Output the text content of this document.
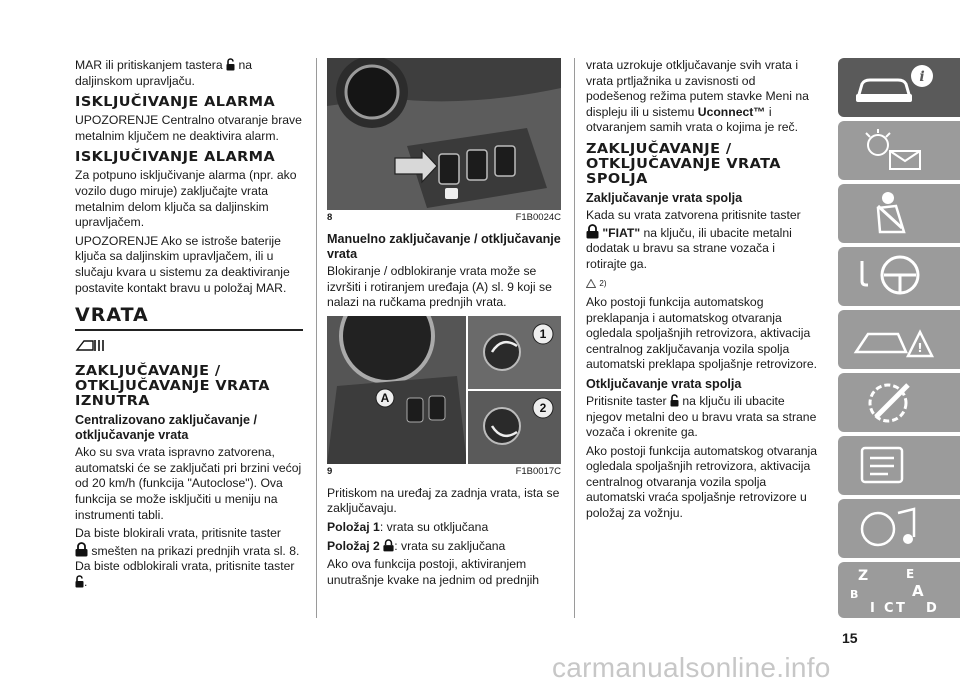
MAR ili pritiskanjem tastera na daljinskom upravljaču.

ISKLJUČIVANJE ALARMA

UPOZORENJE Centralno otvaranje brave metalnim ključem ne deaktivira alarm.

ISKLJUČIVANJE ALARMA

Za potpuno isključivanje alarma (npr. ako vozilo dugo miruje) zaključajte vrata metalnim delom ključa sa daljinskim upravljačem.

UPOZORENJE Ako se istroše baterije ključa sa daljinskim upravljačem, ili u slučaju kvara u sistemu za deaktiviranje postavite kontakt bravu u položaj MAR.

VRATA
ZAKLJUČAVANJE / OTKLJUČAVANJE VRATA IZNUTRA
Centralizovano zaključavanje / otključavanje vrata

Ako su sva vrata ispravno zatvorena, automatski će se zaključati pri brzini većoj od 20 km/h (funkcija "Autoclose"). Ova funkcija se može isključiti u meniju na instrumenti tabli.

Da biste blokirali vrata, pritisnite taster
smešten na prikazi prednjih vrata sl. 8. Da biste odblokirali vrata, pritisnite taster .

8	F1B0024C
Manuelno zaključavanje / otključavanje vrata

Blokiranje / odblokiranje vrata može se izvršiti i rotiranjem uređaja (A) sl. 9 koji se nalazi na ručkama prednjih vrata.

A
1
2
9	F1B0017C

Pritiskom na uređaj za zadnja vrata, ista se zaključavaju.

Položaj 1: vrata su otključana

Položaj 2 : vrata su zaključana

Ako ova funkcija postoji, aktiviranjem unutrašnje kvake na jednim od prednjih

vrata uzrokuje otključavanje svih vrata i vrata prtljažnika u zavisnosti od podešenog režima putem stavke Meni na displeju ili u sistemu Uconnect™ i otvaranjem samih vrata o kojima je reč.

ZAKLJUČAVANJE / OTKLJUČAVANJE VRATA SPOLJA
Zaključavanje vrata spolja

Kada su vrata zatvorena pritisnite taster
"FIAT" na ključu, ili ubacite metalni dodatak u bravu sa strane vozača i rotirajte ga.

2)

Ako postoji funkcija automatskog preklapanja i automatskog otvaranja ogledala spoljašnjih retrovizora, aktivacija centralnog zaključavanja vozila spolja automatski preklapa spoljašnje retrovizore.

Otključavanje vrata spolja

Pritisnite taster na ključu ili ubacite njegov metalni deo u bravu vrata sa strane vozača i okrenite ga.

Ako postoji funkcija automatskog otvaranja ogledala spoljašnjih retrovizora, aktivacija centralnog otvaranja vozila spolja automatski vraća spoljašnje retrovizore u položaj za vožnju.

i
!
Z	E
B	A
I C T D
15
carmanualsonline.info
